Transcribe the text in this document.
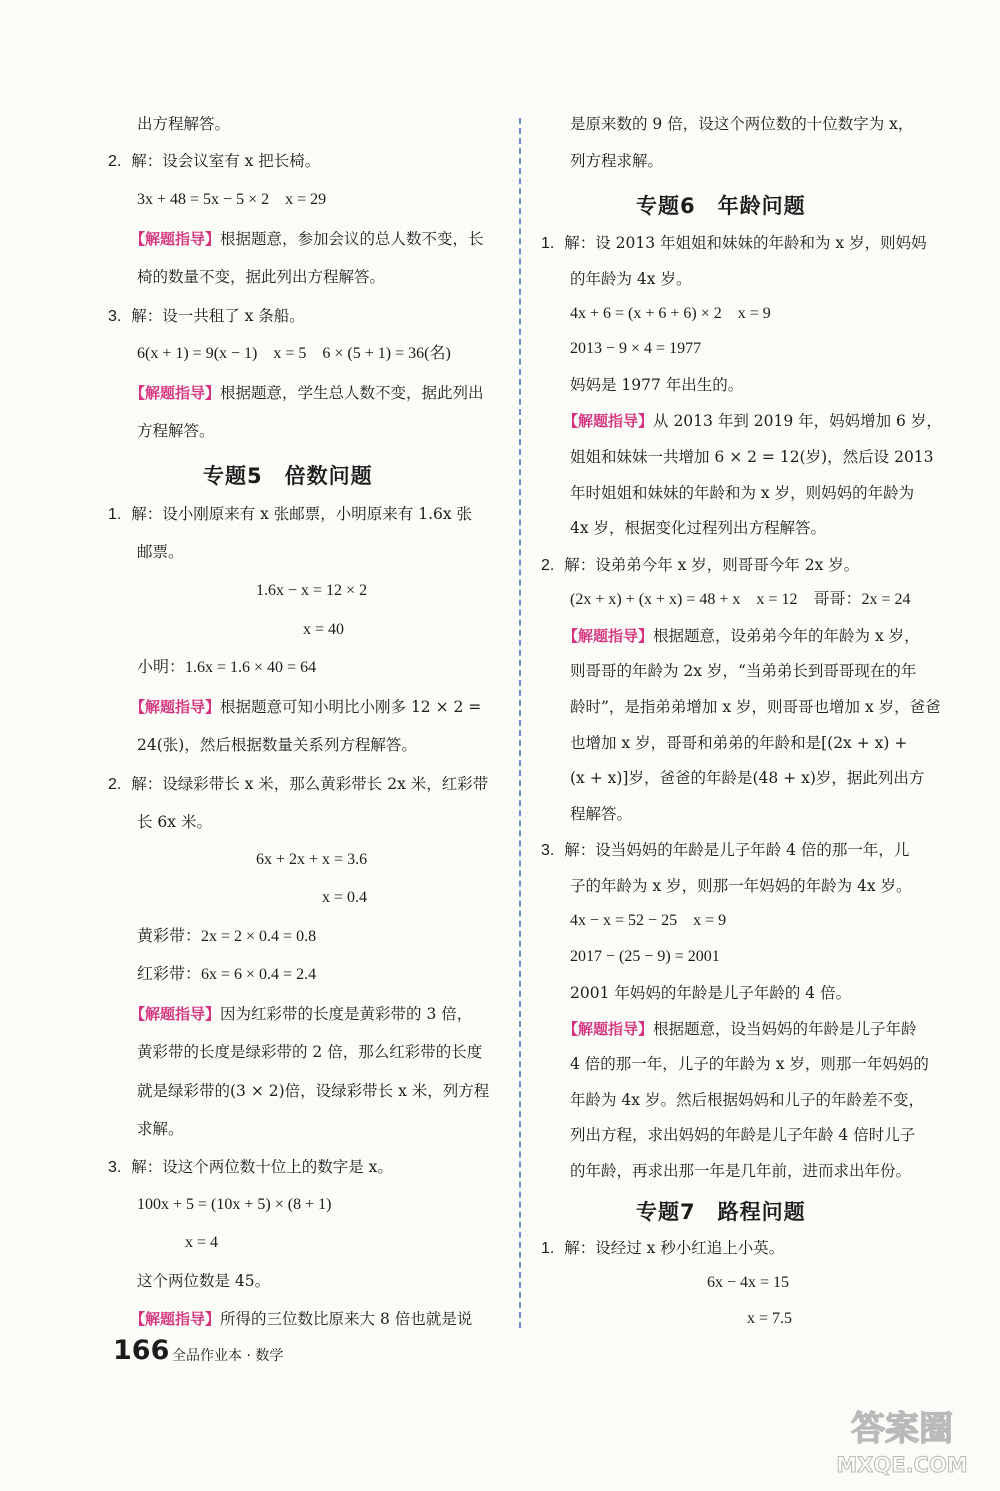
出方程解答。
2. 解：设会议室有 x 把长椅。
3x + 48 = 5x − 5 × 2　x = 29
【解题指导】根据题意，参加会议的总人数不变，长
椅的数量不变，据此列出方程解答。
3. 解：设一共租了 x 条船。
6(x + 1) = 9(x − 1)　x = 5　6 × (5 + 1) = 36(名)
【解题指导】根据题意，学生总人数不变，据此列出
方程解答。
专题5　倍数问题
1. 解：设小刚原来有 x 张邮票，小明原来有 1.6x 张
邮票。
1.6x − x = 12 × 2
x = 40
小明：1.6x = 1.6 × 40 = 64
【解题指导】根据题意可知小明比小刚多 12 × 2 =
24(张)，然后根据数量关系列方程解答。
2. 解：设绿彩带长 x 米，那么黄彩带长 2x 米，红彩带
长 6x 米。
6x + 2x + x = 3.6
x = 0.4
黄彩带：2x = 2 × 0.4 = 0.8
红彩带：6x = 6 × 0.4 = 2.4
【解题指导】因为红彩带的长度是黄彩带的 3 倍，
黄彩带的长度是绿彩带的 2 倍，那么红彩带的长度
就是绿彩带的(3 × 2)倍，设绿彩带长 x 米，列方程
求解。
3. 解：设这个两位数十位上的数字是 x。
100x + 5 = (10x + 5) × (8 + 1)
x = 4
这个两位数是 45。
【解题指导】所得的三位数比原来大 8 倍也就是说
是原来数的 9 倍，设这个两位数的十位数字为 x，
列方程求解。
专题6　年龄问题
1. 解：设 2013 年姐姐和妹妹的年龄和为 x 岁，则妈妈
的年龄为 4x 岁。
4x + 6 = (x + 6 + 6) × 2　x = 9
2013 − 9 × 4 = 1977
妈妈是 1977 年出生的。
【解题指导】从 2013 年到 2019 年，妈妈增加 6 岁，
姐姐和妹妹一共增加 6 × 2 = 12(岁)，然后设 2013
年时姐姐和妹妹的年龄和为 x 岁，则妈妈的年龄为
4x 岁，根据变化过程列出方程解答。
2. 解：设弟弟今年 x 岁，则哥哥今年 2x 岁。
(2x + x) + (x + x) = 48 + x　x = 12　哥哥：2x = 24
【解题指导】根据题意，设弟弟今年的年龄为 x 岁，
则哥哥的年龄为 2x 岁，“当弟弟长到哥哥现在的年
龄时”，是指弟弟增加 x 岁，则哥哥也增加 x 岁，爸爸
也增加 x 岁，哥哥和弟弟的年龄和是[(2x + x) +
(x + x)]岁，爸爸的年龄是(48 + x)岁，据此列出方
程解答。
3. 解：设当妈妈的年龄是儿子年龄 4 倍的那一年，儿
子的年龄为 x 岁，则那一年妈妈的年龄为 4x 岁。
4x − x = 52 − 25　x = 9
2017 − (25 − 9) = 2001
2001 年妈妈的年龄是儿子年龄的 4 倍。
【解题指导】根据题意，设当妈妈的年龄是儿子年龄
4 倍的那一年，儿子的年龄为 x 岁，则那一年妈妈的
年龄为 4x 岁。然后根据妈妈和儿子的年龄差不变，
列出方程，求出妈妈的年龄是儿子年龄 4 倍时儿子
的年龄，再求出那一年是几年前，进而求出年份。
专题7　路程问题
1. 解：设经过 x 秒小红追上小英。
6x − 4x = 15
x = 7.5
166 全品作业本 · 数学
答案圈
MXQE.COM
